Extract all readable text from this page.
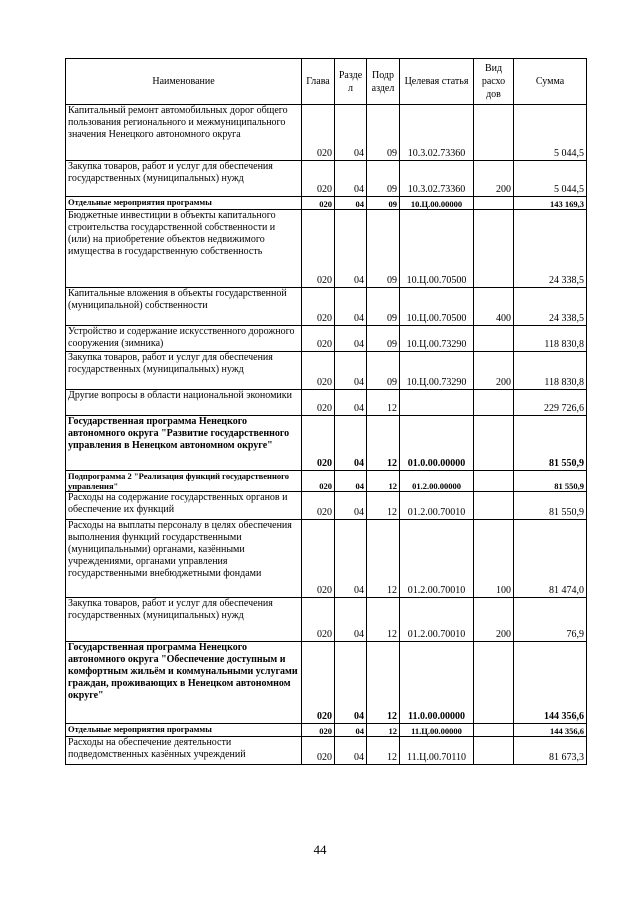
Наименование	Глава	Разде л	Подр аздел	Целевая статья	Вид расхо дов	Сумма
Капитальный ремонт автомобильных дорог общего пользования регионального и межмуниципального значения Ненецкого автономного округа	020	04	09	10.3.02.73360		5 044,5
Закупка товаров, работ и услуг для обеспечения государственных (муниципальных) нужд	020	04	09	10.3.02.73360	200	5 044,5
Отдельные мероприятия программы	020	04	09	10.Ц.00.00000		143 169,3
Бюджетные инвестиции в объекты капитального строительства государственной собственности и (или) на приобретение объектов недвижимого имущества в государственную собственность	020	04	09	10.Ц.00.70500		24 338,5
Капитальные вложения в объекты государственной (муниципальной) собственности	020	04	09	10.Ц.00.70500	400	24 338,5
Устройство и содержание искусственного дорожного сооружения (зимника)	020	04	09	10.Ц.00.73290		118 830,8
Закупка товаров, работ и услуг для обеспечения государственных (муниципальных) нужд	020	04	09	10.Ц.00.73290	200	118 830,8
Другие вопросы в области национальной экономики	020	04	12			229 726,6
Государственная программа Ненецкого автономного округа "Развитие государственного управления в Ненецком автономном округе"	020	04	12	01.0.00.00000		81 550,9
Подпрограмма 2 "Реализация функций государственного управления"	020	04	12	01.2.00.00000		81 550,9
Расходы на содержание государственных органов и обеспечение их функций	020	04	12	01.2.00.70010		81 550,9
Расходы на выплаты персоналу в целях обеспечения выполнения функций государственными (муниципальными) органами, казёнными учреждениями, органами управления государственными внебюджетными фондами	020	04	12	01.2.00.70010	100	81 474,0
Закупка товаров, работ и услуг для обеспечения государственных (муниципальных) нужд	020	04	12	01.2.00.70010	200	76,9
Государственная программа Ненецкого автономного округа "Обеспечение доступным и комфортным жильём и коммунальными услугами граждан, проживающих в Ненецком автономном округе"	020	04	12	11.0.00.00000		144 356,6
Отдельные мероприятия программы	020	04	12	11.Ц.00.00000		144 356,6
Расходы на обеспечение деятельности подведомственных казённых учреждений	020	04	12	11.Ц.00.70110		81 673,3
44
